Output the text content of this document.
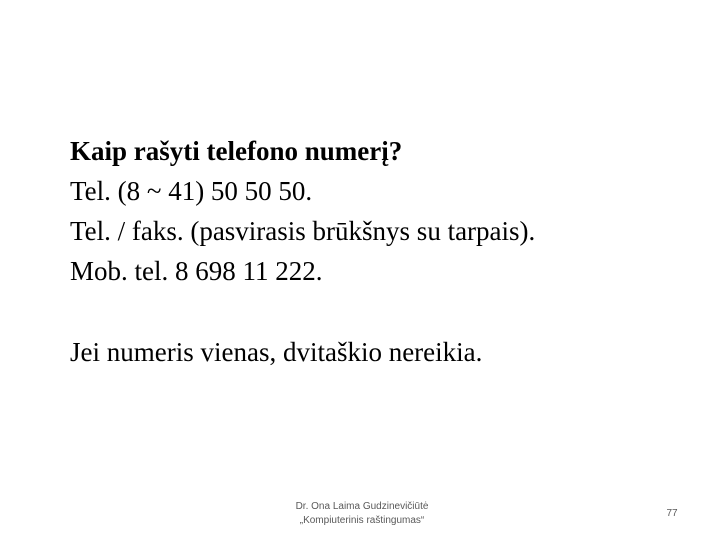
Kaip rašyti telefono numerį?
Tel. (8 ~ 41) 50 50 50.
Tel. / faks. (pasvirasis brūkšnys su tarpais).
Mob. tel. 8 698 11 222.
Jei numeris vienas, dvitaškio nereikia.
Dr. Ona Laima Gudzinevičiūtė
„Kompiuterinis raštingumas“
77
